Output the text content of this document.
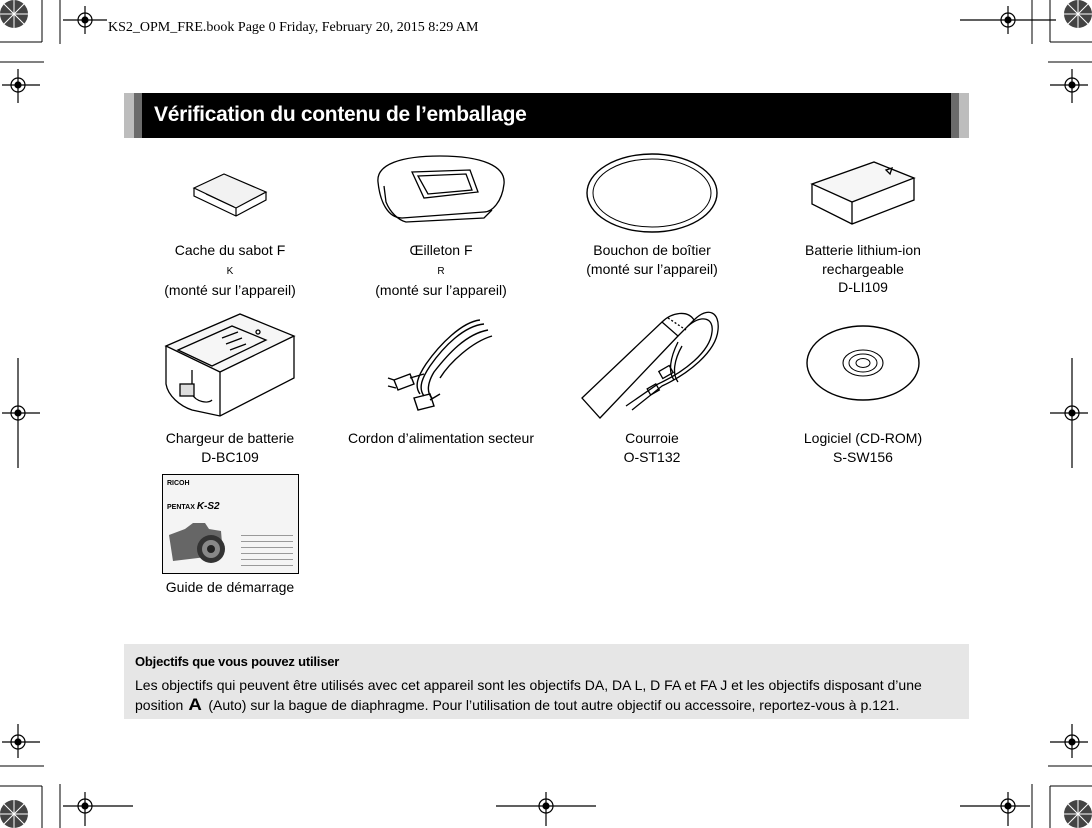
KS2_OPM_FRE.book Page 0 Friday, February 20, 2015 8:29 AM
Vérification du contenu de l’emballage
Cache du sabot F
K
(monté sur l’appareil)
Œilleton F
R
(monté sur l’appareil)
Bouchon de boîtier
(monté sur l’appareil)
Batterie lithium-ion
rechargeable
D-LI109
Chargeur de batterie
D-BC109
Cordon d’alimentation secteur	Courroie
O-ST132
Logiciel (CD-ROM)
S-SW156
RICOH
PENTAX K-S2
Guide de démarrage
Objectifs que vous pouvez utiliser
Les objectifs qui peuvent être utilisés avec cet appareil sont les objectifs DA, DA L, D FA et FA J et les objectifs disposant d’une position A (Auto) sur la bague de diaphragme. Pour l’utilisation de tout autre objectif ou accessoire, reportez-vous à p.121.
